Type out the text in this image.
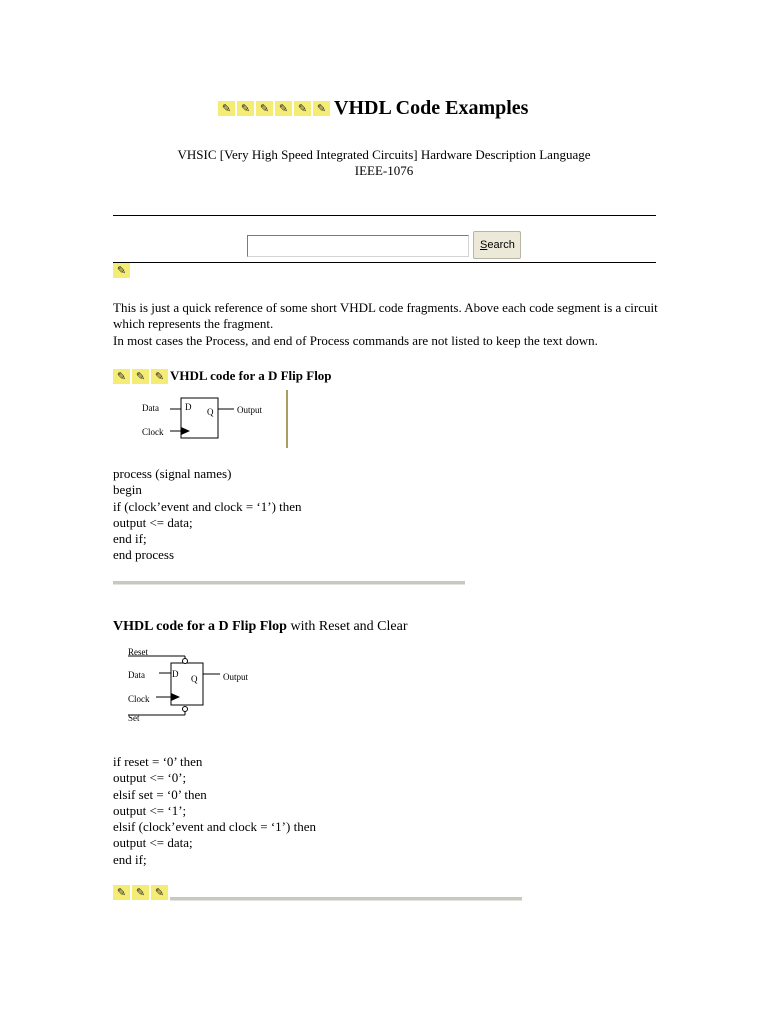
✎ ✎ ✎ ✎ ✎ ✎ VHDL Code Examples
VHSIC [Very High Speed Integrated Circuits] Hardware Description Language
IEEE-1076
Search
✎
This is just a quick reference of some short VHDL code fragments. Above each code segment is a circuit which represents the fragment.
In most cases the Process, and end of Process commands are not listed to keep the text down.
✎ ✎ ✎ VHDL code for a D Flip Flop
Data
Clock
D Q	Output
process (signal names)
begin
if (clock’event and clock = ‘1’) then
output <= data;
end if;
end process
VHDL code for a D Flip Flop with Reset and Clear
Reset
Data
Clock
Set
D Q	Output
if reset = ‘0’ then
output <= ‘0’;
elsif set = ‘0’ then
output <= ‘1’;
elsif (clock’event and clock = ‘1’) then
output <= data;
end if;
✎ ✎ ✎
